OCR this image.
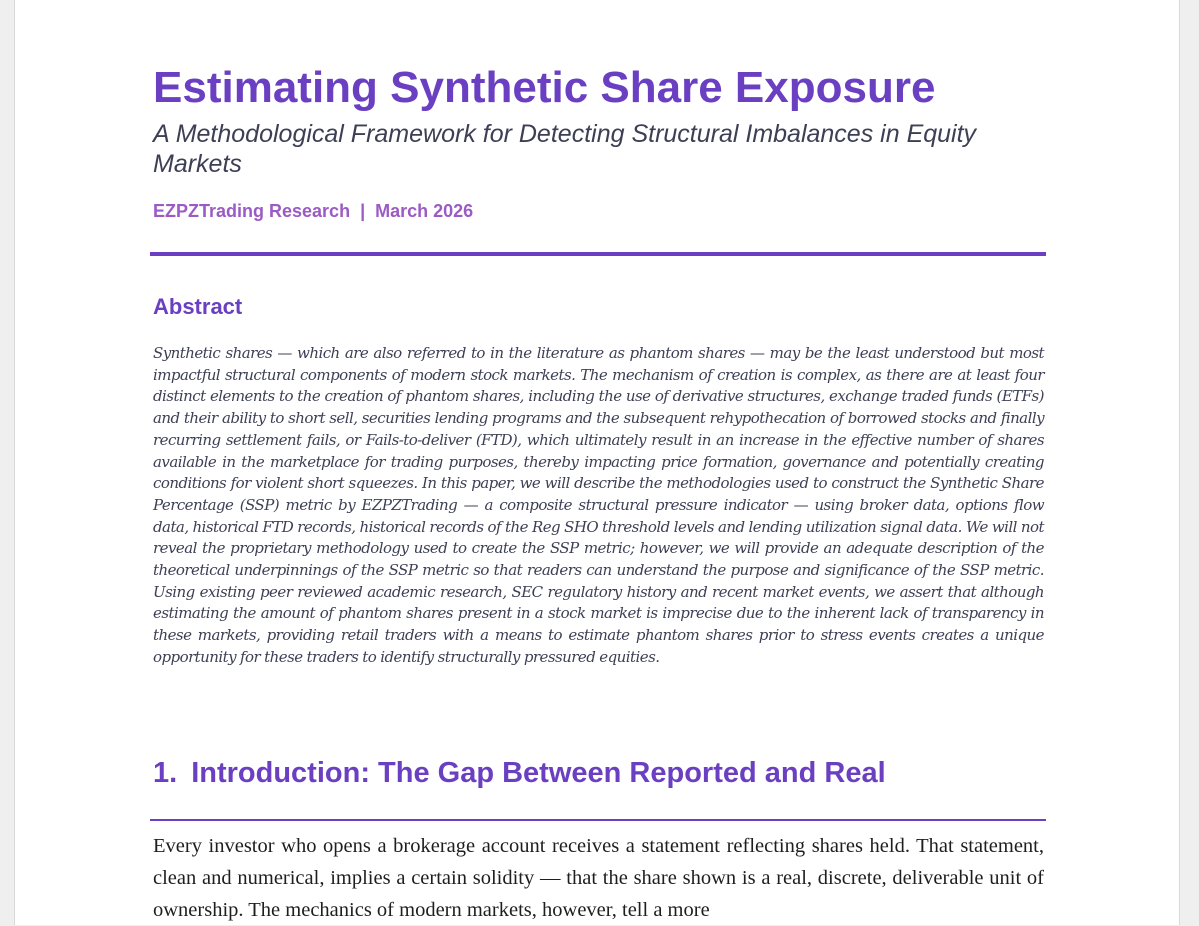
Estimating Synthetic Share Exposure

A Methodological Framework for Detecting Structural Imbalances in Equity Markets

EZPZTrading Research | March 2026

Abstract

Synthetic shares — which are also referred to in the literature as phantom shares — may be the least understood but most impactful structural components of modern stock markets. The mechanism of creation is complex, as there are at least four distinct elements to the creation of phantom shares, including the use of derivative structures, exchange traded funds (ETFs) and their ability to short sell, securities lending programs and the subsequent rehypothecation of borrowed stocks and finally recurring settlement fails, or Fails-to-deliver (FTD), which ultimately result in an increase in the effective number of shares available in the marketplace for trading purposes, thereby impacting price formation, governance and potentially creating conditions for violent short squeezes. In this paper, we will describe the methodologies used to construct the Synthetic Share Percentage (SSP) metric by EZPZTrading — a composite structural pressure indicator — using broker data, options flow data, historical FTD records, historical records of the Reg SHO threshold levels and lending utilization signal data. We will not reveal the proprietary methodology used to create the SSP metric; however, we will provide an adequate description of the theoretical underpinnings of the SSP metric so that readers can understand the purpose and significance of the SSP metric. Using existing peer reviewed academic research, SEC regulatory history and recent market events, we assert that although estimating the amount of phantom shares present in a stock market is imprecise due to the inherent lack of transparency in these markets, providing retail traders with a means to estimate phantom shares prior to stress events creates a unique opportunity for these traders to identify structurally pressured equities.

1. Introduction: The Gap Between Reported and Real

Every investor who opens a brokerage account receives a statement reflecting shares held. That statement, clean and numerical, implies a certain solidity — that the share shown is a real, discrete, deliverable unit of ownership. The mechanics of modern markets, however, tell a more
